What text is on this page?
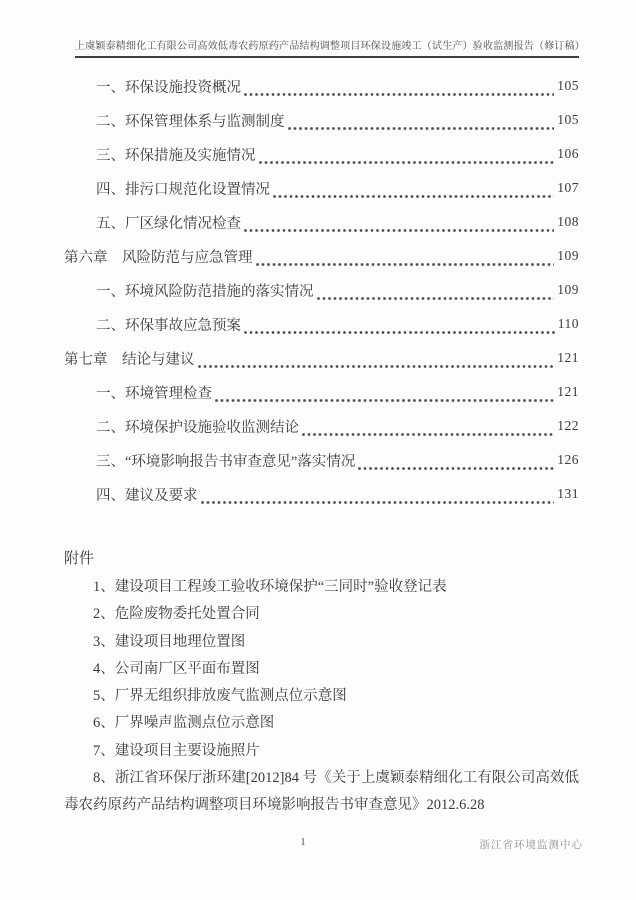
上虞颖泰精细化工有限公司高效低毒农药原药产品结构调整项目环保设施竣工（试生产）验收监测报告（修订稿）
一、环保设施投资概况	105
二、环保管理体系与监测制度	105
三、环保措施及实施情况	106
四、排污口规范化设置情况	107
五、厂区绿化情况检查	108
第六章　风险防范与应急管理	109
一、环境风险防范措施的落实情况	109
二、环保事故应急预案	110
第七章　结论与建议	121
一、环境管理检查	121
二、环境保护设施验收监测结论	122
三、“环境影响报告书审查意见”落实情况	126
四、建议及要求	131
附件
1、建设项目工程竣工验收环境保护“三同时”验收登记表
2、危险废物委托处置合同
3、建设项目地理位置图
4、公司南厂区平面布置图
5、厂界无组织排放废气监测点位示意图
6、厂界噪声监测点位示意图
7、建设项目主要设施照片
8、浙江省环保厅浙环建[2012]84 号《关于上虞颖泰精细化工有限公司高效低毒农药原药产品结构调整项目环境影响报告书审查意见》2012.6.28
1	浙江省环境监测中心
